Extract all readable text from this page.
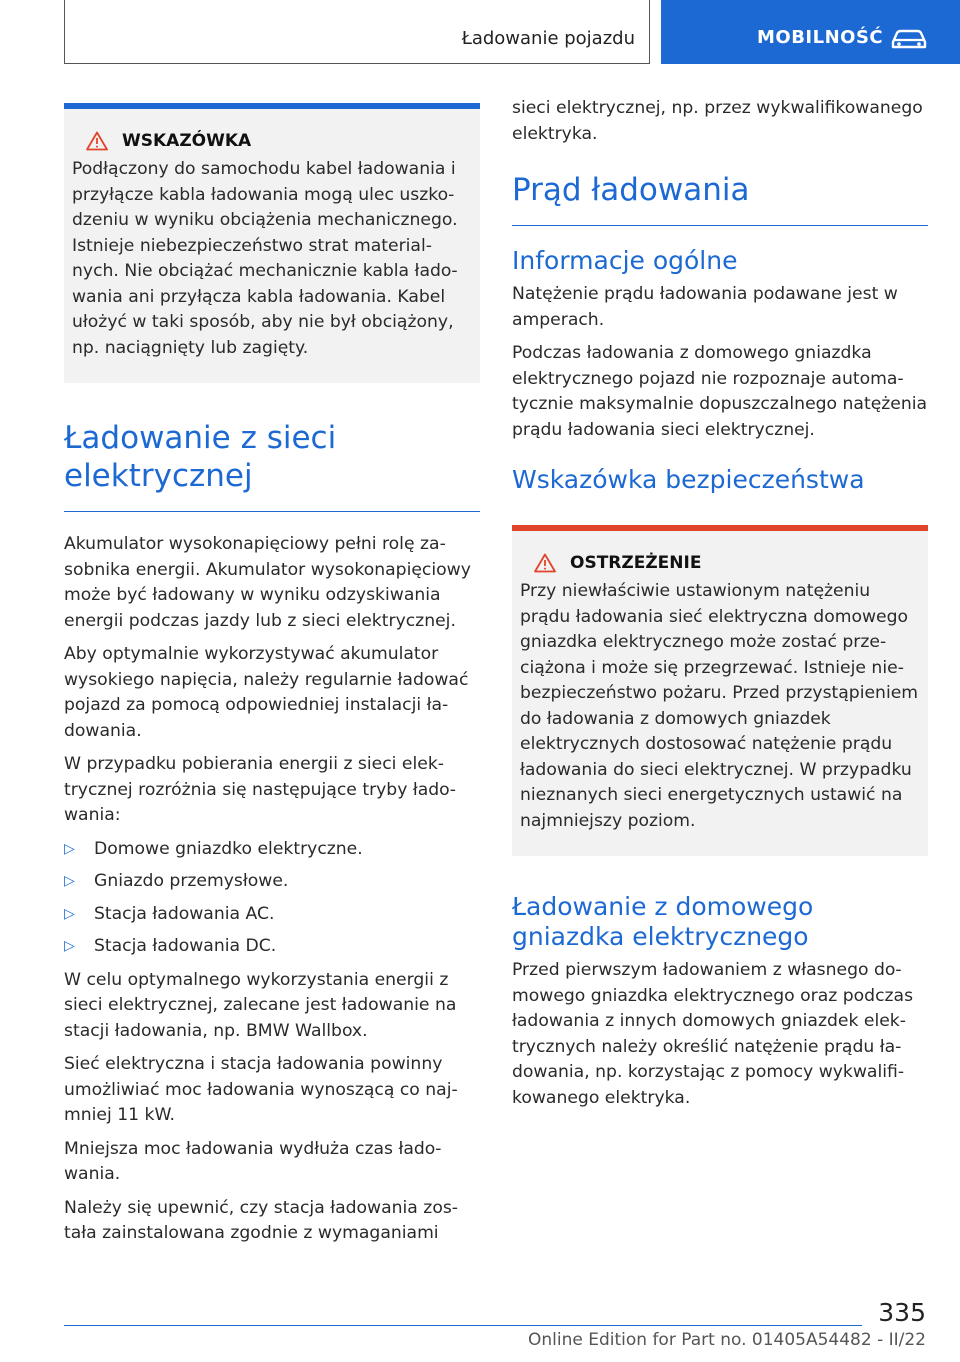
Ładowanie pojazdu	MOBILNOŚĆ
WSKAZÓWKA

Podłączony do samochodu kabel ładowania i przyłącze kabla ładowania mogą ulec uszkodzeniu w wyniku obciążenia mechanicznego. Istnieje niebezpieczeństwo strat materialnych. Nie obciążać mechanicznie kabla ładowania ani przyłącza kabla ładowania. Kabel ułożyć w taki sposób, aby nie był obciążony, np. naciągnięty lub zagięty.

Ładowanie z sieci elektrycznej

Akumulator wysokonapięciowy pełni rolę zasobnika energii. Akumulator wysokonapięciowy może być ładowany w wyniku odzyskiwania energii podczas jazdy lub z sieci elektrycznej.

Aby optymalnie wykorzystywać akumulator wysokiego napięcia, należy regularnie ładować pojazd za pomocą odpowiedniej instalacji ładowania.

W przypadku pobierania energii z sieci elektrycznej rozróżnia się następujące tryby ładowania:

▷	Domowe gniazdko elektryczne.
▷	Gniazdo przemysłowe.
▷	Stacja ładowania AC.
▷	Stacja ładowania DC.

W celu optymalnego wykorzystania energii z sieci elektrycznej, zalecane jest ładowanie na stacji ładowania, np. BMW Wallbox.

Sieć elektryczna i stacja ładowania powinny umożliwiać moc ładowania wynoszącą co najmniej 11 kW.

Mniejsza moc ładowania wydłuża czas ładowania.

Należy się upewnić, czy stacja ładowania została zainstalowana zgodnie z wymaganiami

sieci elektrycznej, np. przez wykwalifikowanego elektryka.

Prąd ładowania
Informacje ogólne

Natężenie prądu ładowania podawane jest w amperach.

Podczas ładowania z domowego gniazdka elektrycznego pojazd nie rozpoznaje automatycznie maksymalnie dopuszczalnego natężenia prądu ładowania sieci elektrycznej.

Wskazówka bezpieczeństwa
OSTRZEŻENIE

Przy niewłaściwie ustawionym natężeniu prądu ładowania sieć elektryczna domowego gniazdka elektrycznego może zostać przeciążona i może się przegrzewać. Istnieje niebezpieczeństwo pożaru. Przed przystąpieniem do ładowania z domowych gniazdek elektrycznych dostosować natężenie prądu ładowania do sieci elektrycznej. W przypadku nieznanych sieci energetycznych ustawić na najmniejszy poziom.

Ładowanie z domowego gniazdka elektrycznego

Przed pierwszym ładowaniem z własnego domowego gniazdka elektrycznego oraz podczas ładowania z innych domowych gniazdek elektrycznych należy określić natężenie prądu ładowania, np. korzystając z pomocy wykwalifikowanego elektryka.

335
Online Edition for Part no. 01405A54482 - II/22
